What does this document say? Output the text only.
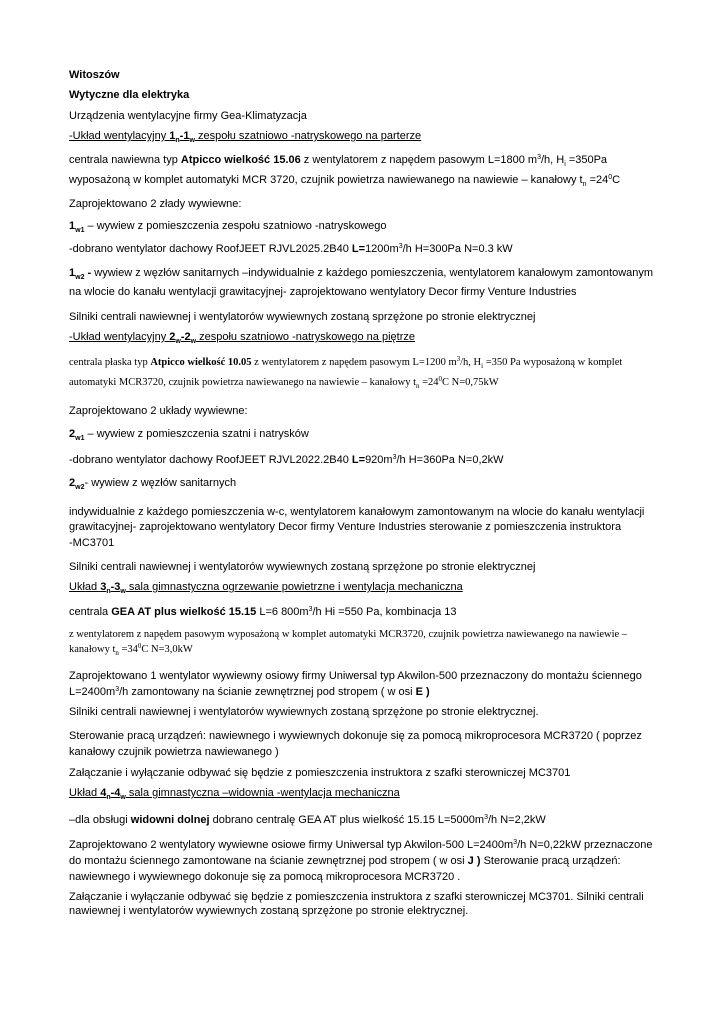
Witoszów
Wytyczne dla elektryka
Urządzenia wentylacyjne firmy Gea-Klimatyzacja
-Układ wentylacyjny $1_n-1_w$ zespołu szatniowo -natryskowego na parterze
centrala nawiewna typ Atpicco wielkość 15.06 z wentylatorem z napędem pasowym L=1800 $m^3/h$, $H_i =350Pa$
wyposażoną w komplet automatyki MCR 3720, czujnik powietrza nawiewanego na nawiewie – kanałowy $t_n =24^0C$
Zaprojektowano 2 złady wywiewne:
$1_{w1}$ – wywiew z pomieszczenia zespołu szatniowo -natryskowego
-dobrano wentylator dachowy RoofJEET RJVL2025.2B40 $L=1200m^3/h$ H=300Pa N=0.3 kW
$1_{w2}$ - wywiew z węzłów sanitarnych –indywidualnie z każdego pomieszczenia, wentylatorem kanałowym zamontowanym
na wlocie do kanału wentylacji grawitacyjnej- zaprojektowano wentylatory Decor firmy Venture Industries
Silniki centrali nawiewnej i wentylatorów wywiewnych zostaną sprzężone po stronie elektrycznej
-Układ wentylacyjny $2_w-2_w$ zespołu szatniowo -natryskowego na piętrze
centrala płaska typ Atpicco wielkość 10.05 z wentylatorem z napędem pasowym L=1200 $m^3/h$, $H_i =350$ Pa wyposażoną w komplet
automatyki MCR3720, czujnik powietrza nawiewanego na nawiewie – kanałowy $t_n =24^0C$ N=0,75kW
Zaprojektowano 2 układy wywiewne:
$2_{w1}$ – wywiew z pomieszczenia szatni i natrysków
-dobrano wentylator dachowy RoofJEET RJVL2022.2B40 $L=920m^3/h$ H=360Pa N=0,2kW
$2_{w2}-$ wywiew z węzłów sanitarnych
indywidualnie z każdego pomieszczenia w-c, wentylatorem kanałowym zamontowanym na wlocie do kanału wentylacji
grawitacyjnej- zaprojektowano wentylatory Decor firmy Venture Industries sterowanie z pomieszczenia instruktora
-MC3701
Silniki centrali nawiewnej i wentylatorów wywiewnych zostaną sprzężone po stronie elektrycznej
Układ $3_n-3_w$ sala gimnastyczna ogrzewanie powietrzne i wentylacja mechaniczna
centrala GEA AT plus wielkość 15.15 L=6 $800m^3/h$ Hi =550 Pa, kombinacja 13
z wentylatorem z napędem pasowym wyposażoną w komplet automatyki MCR3720, czujnik powietrza nawiewanego na nawiewie –
kanałowy $t_n =34^0C$ N=3,0kW
Zaprojektowano 1 wentylator wywiewny osiowy firmy Uniwersal typ Akwilon-500 przeznaczony do montażu ściennego
$L=2400m^3/h$ zamontowany na ścianie zewnętrznej pod stropem ( w osi E )
Silniki centrali nawiewnej i wentylatorów wywiewnych zostaną sprzężone po stronie elektrycznej.
Sterowanie pracą urządzeń: nawiewnego i wywiewnych dokonuje się za pomocą mikroprocesora MCR3720 ( poprzez
kanałowy czujnik powietrza nawiewanego )
Załączanie i wyłączanie odbywać się będzie z pomieszczenia instruktora z szafki sterowniczej MC3701
Układ $4_n-4_w$ sala gimnastyczna –widownia -wentylacja mechaniczna
–dla obsługi widowni dolnej dobrano centralę GEA AT plus wielkość 15.15 $L=5000m^3/h$ N=2,2kW
Zaprojektowano 2 wentylatory wywiewne osiowe firmy Uniwersal typ Akwilon-500 $L=2400m^3/h$ N=0,22kW przeznaczone
do montażu ściennego zamontowane na ścianie zewnętrznej pod stropem ( w osi J ) Sterowanie pracą urządzeń:
nawiewnego i wywiewnego dokonuje się za pomocą mikroprocesora MCR3720 .
Załączanie i wyłączanie odbywać się będzie z pomieszczenia instruktora z szafki sterowniczej MC3701. Silniki centrali
nawiewnej i wentylatorów wywiewnych zostaną sprzężone po stronie elektrycznej.
